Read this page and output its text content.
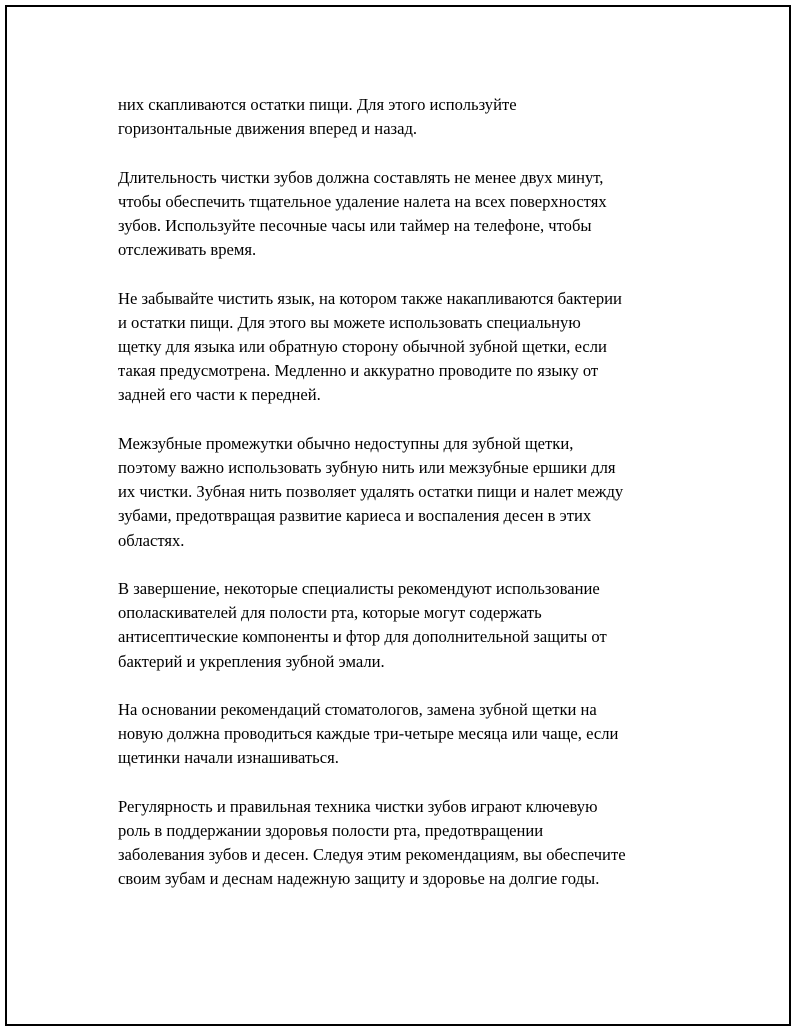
них скапливаются остатки пищи. Для этого используйте
горизонтальные движения вперед и назад.

Длительность чистки зубов должна составлять не менее двух минут,
чтобы обеспечить тщательное удаление налета на всех поверхностях
зубов. Используйте песочные часы или таймер на телефоне, чтобы
отслеживать время.

Не забывайте чистить язык, на котором также накапливаются бактерии
и остатки пищи. Для этого вы можете использовать специальную
щетку для языка или обратную сторону обычной зубной щетки, если
такая предусмотрена. Медленно и аккуратно проводите по языку от
задней его части к передней.

Межзубные промежутки обычно недоступны для зубной щетки,
поэтому важно использовать зубную нить или межзубные ершики для
их чистки. Зубная нить позволяет удалять остатки пищи и налет между
зубами, предотвращая развитие кариеса и воспаления десен в этих
областях.

В завершение, некоторые специалисты рекомендуют использование
ополаскивателей для полости рта, которые могут содержать
антисептические компоненты и фтор для дополнительной защиты от
бактерий и укрепления зубной эмали.

На основании рекомендаций стоматологов, замена зубной щетки на
новую должна проводиться каждые три-четыре месяца или чаще, если
щетинки начали изнашиваться.

Регулярность и правильная техника чистки зубов играют ключевую
роль в поддержании здоровья полости рта, предотвращении
заболевания зубов и десен. Следуя этим рекомендациям, вы обеспечите
своим зубам и деснам надежную защиту и здоровье на долгие годы.
